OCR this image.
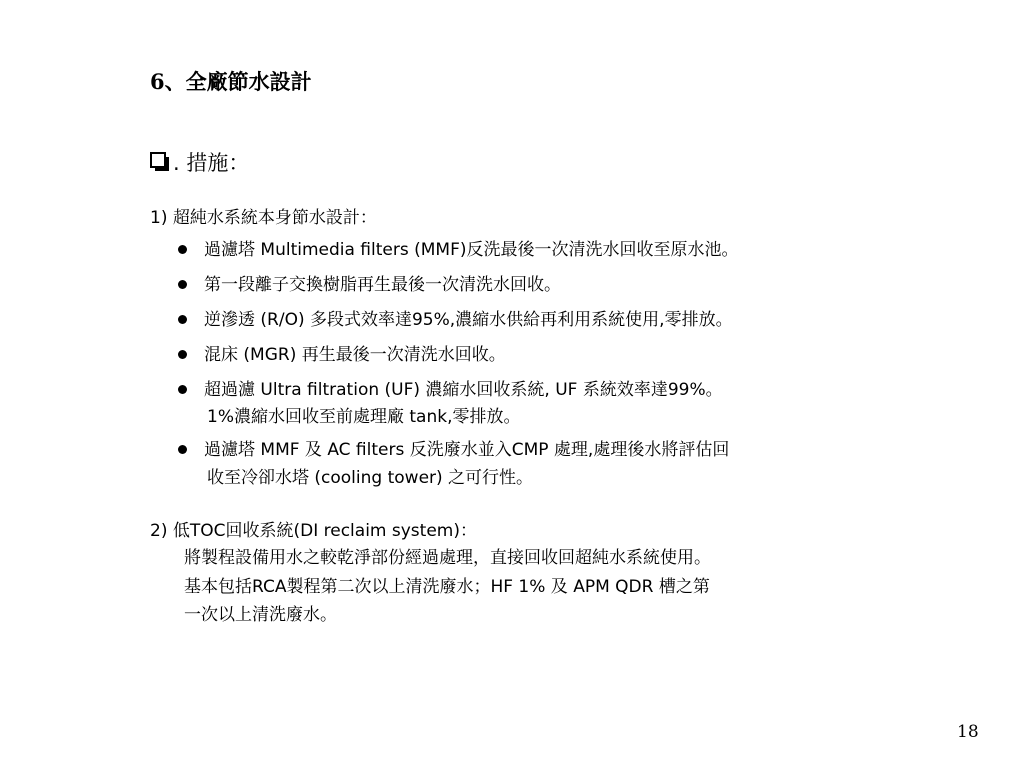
6、全廠節水設計
. 措施：
1) 超純水系統本身節水設計：
過濾塔 Multimedia filters (MMF)反洗最後一次清洗水回收至原水池。
第一段離子交換樹脂再生最後一次清洗水回收。
逆滲透 (R/O) 多段式效率達95%,濃縮水供給再利用系統使用,零排放。
混床 (MGR) 再生最後一次清洗水回收。
超過濾 Ultra filtration (UF) 濃縮水回收系統, UF 系統效率達99%。
1%濃縮水回收至前處理廠 tank,零排放。
過濾塔 MMF 及 AC filters 反洗廢水並入CMP 處理,處理後水將評估回
收至冷卻水塔 (cooling tower) 之可行性。
2) 低TOC回收系統(DI reclaim system)：
將製程設備用水之較乾淨部份經過處理，直接回收回超純水系統使用。
基本包括RCA製程第二次以上清洗廢水；HF 1% 及 APM QDR 槽之第
一次以上清洗廢水。
18
